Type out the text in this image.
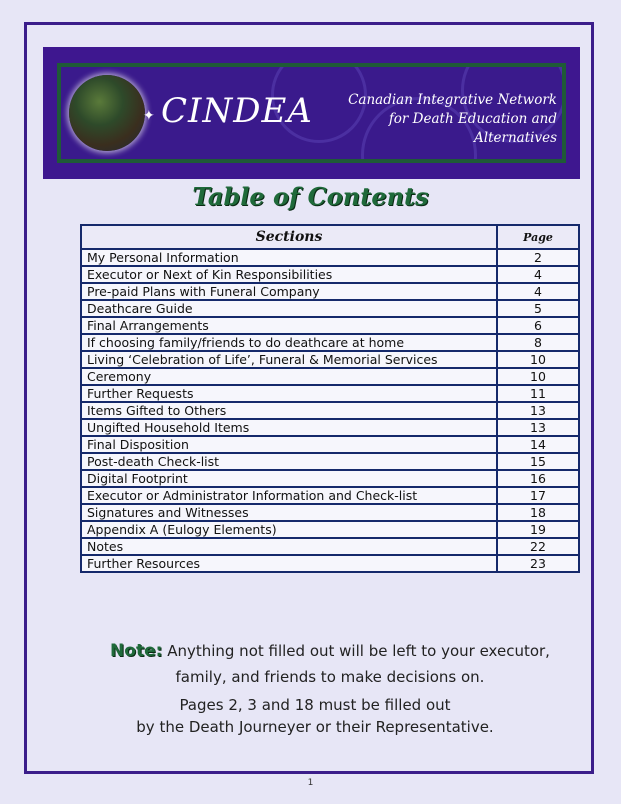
✦ CINDEA	Canadian Integrative Network
for Death Education and Alternatives
Table of Contents
Sections	Page
My Personal Information	2
Executor or Next of Kin Responsibilities	4
Pre-paid Plans with Funeral Company	4
Deathcare Guide	5
Final Arrangements	6
If choosing family/friends to do deathcare at home	8
Living ‘Celebration of Life’, Funeral & Memorial Services	10
Ceremony	10
Further Requests	11
Items Gifted to Others	13
Ungifted Household Items	13
Final Disposition	14
Post-death Check-list	15
Digital Footprint	16
Executor or Administrator Information and Check-list	17
Signatures and Witnesses	18
Appendix A (Eulogy Elements)	19
Notes	22
Further Resources	23
Note: Anything not filled out will be left to your executor,
family, and friends to make decisions on.
Pages 2, 3 and 18 must be filled out
by the Death Journeyer or their Representative.
1
